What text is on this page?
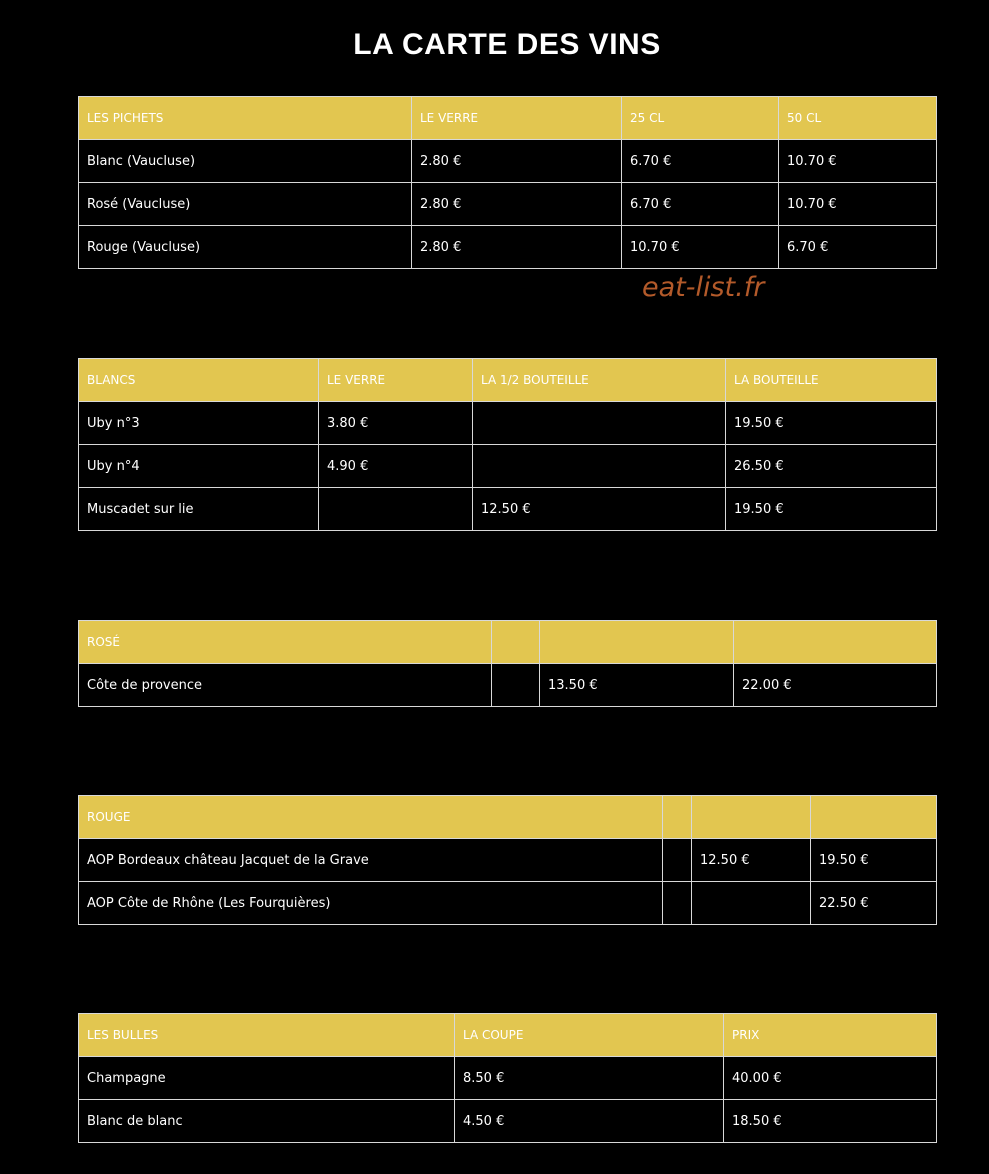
LA CARTE DES VINS
LES PICHETS	LE VERRE	25 CL	50 CL
Blanc (Vaucluse)	2.80 €	6.70 €	10.70 €
Rosé (Vaucluse)	2.80 €	6.70 €	10.70 €
Rouge (Vaucluse)	2.80 €	10.70 €	6.70 €
eat-list.fr
BLANCS	LE VERRE	LA 1/2 BOUTEILLE	LA BOUTEILLE
Uby n°3	3.80 €		19.50 €
Uby n°4	4.90 €		26.50 €
Muscadet sur lie		12.50 €	19.50 €
ROSÉ			
Côte de provence		13.50 €	22.00 €
ROUGE			
AOP Bordeaux château Jacquet de la Grave		12.50 €	19.50 €
AOP Côte de Rhône (Les Fourquières)			22.50 €
LES BULLES	LA COUPE	PRIX
Champagne	8.50 €	40.00 €
Blanc de blanc	4.50 €	18.50 €
